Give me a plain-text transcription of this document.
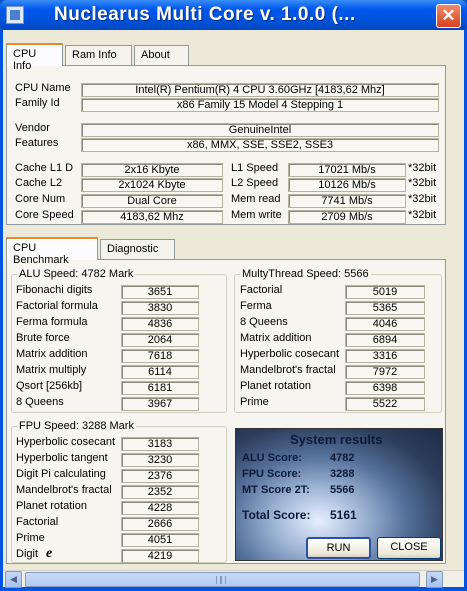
Nuclearus Multi Core v. 1.0.0 (...	✕
CPU Info
Ram Info	About
CPU Name	Intel(R) Pentium(R) 4 CPU 3.60GHz [4183,62 Mhz]
Family Id	x86 Family 15 Model 4 Stepping 1
Vendor	GenuineIntel
Features	x86, MMX, SSE, SSE2, SSE3
Cache L1 D	2x16 Kbyte
Cache L2	2x1024 Kbyte
Core Num	Dual Core
Core Speed	4183,62 Mhz
L1 Speed	17021 Mb/s	*32bit
L2 Speed	10126 Mb/s	*32bit
Mem read	7741 Mb/s	*32bit
Mem write	2709 Mb/s	*32bit
CPU Benchmark
Diagnostic
ALU Speed: 4782 Mark
Fibonachi digits	3651
Factorial formula	3830
Ferma formula	4836
Brute force	2064
Matrix addition	7618
Matrix multiply	6114
Qsort [256kb]	6181
8 Queens	3967
MultyThread Speed: 5566
Factorial	5019
Ferma	5365
8 Queens	4046
Matrix addition	6894
Hyperbolic cosecant	3316
Mandelbrot's fractal	7972
Planet rotation	6398
Prime	5522
FPU Speed: 3288 Mark
Hyperbolic cosecant	3183
Hyperbolic tangent	3230
Digit Pi calculating	2376
Mandelbrot's fractal	2352
Planet rotation	4228
Factorial	2666
Prime	4051
Digit e	4219
System results
ALU Score:	4782
FPU Score:	3288
MT Score 2T: 5566
Total Score: 5161
RUN	CLOSE
◀	▶
